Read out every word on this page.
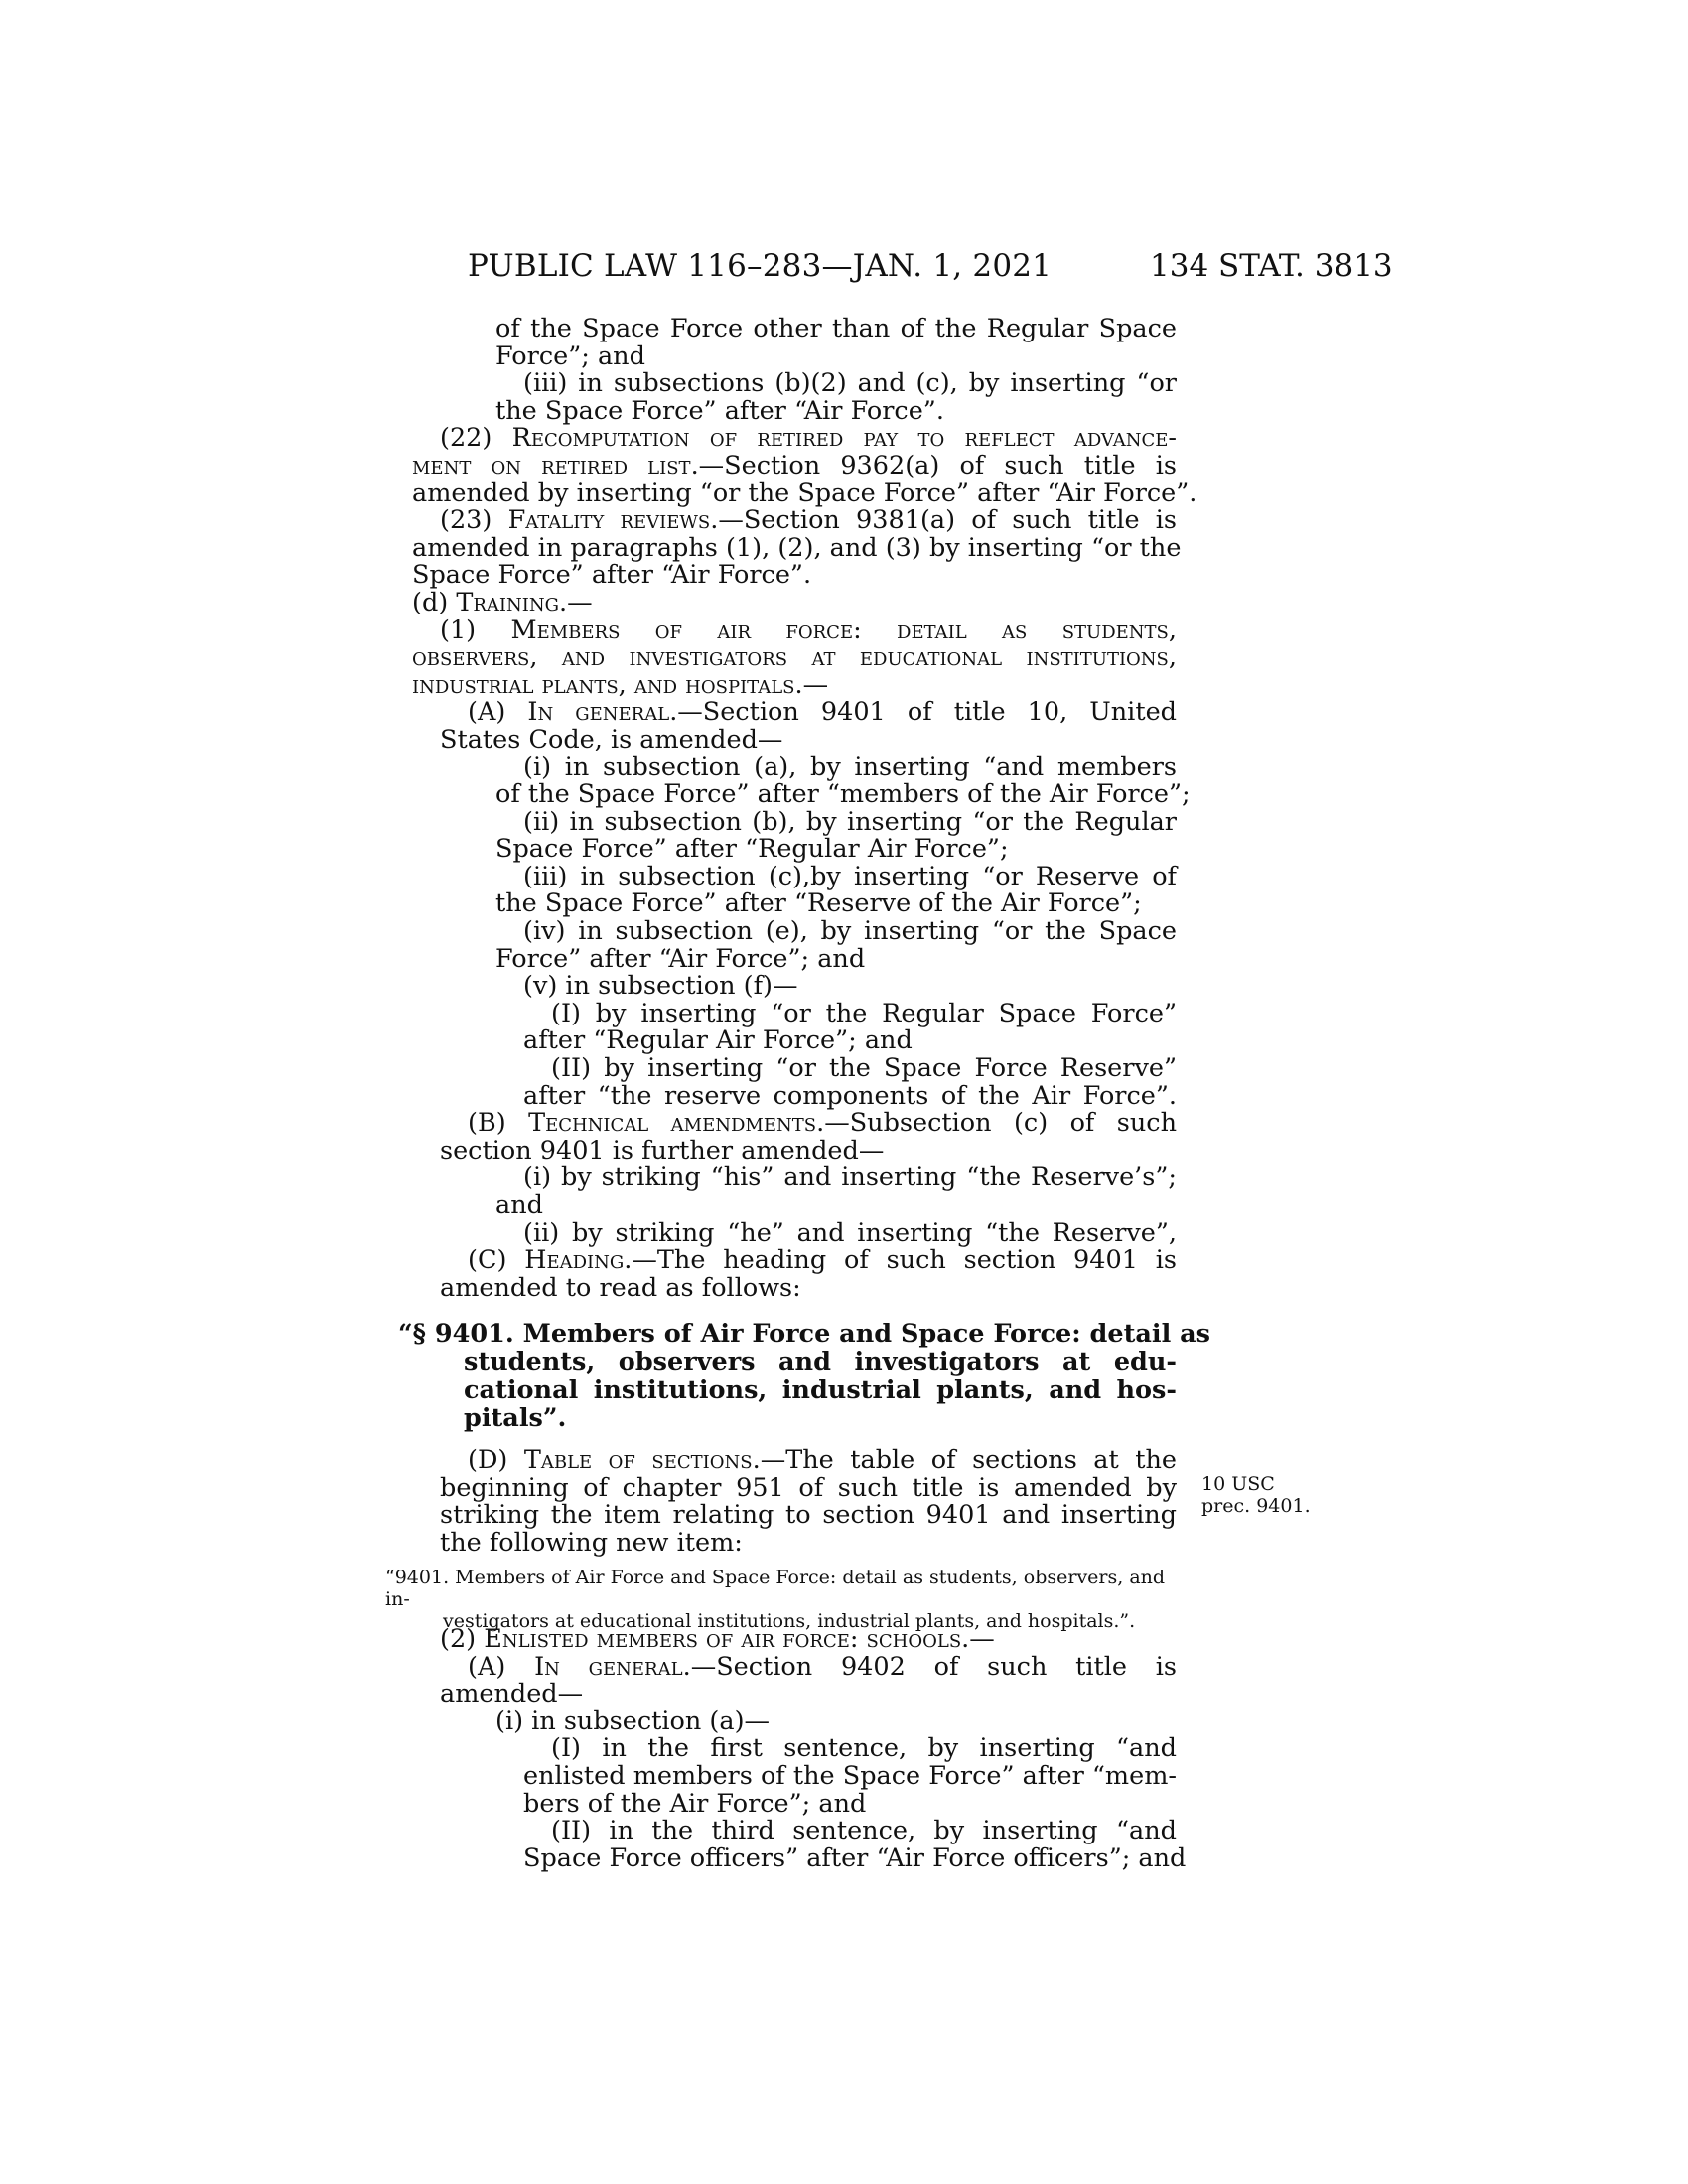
PUBLIC LAW 116–283—JAN. 1, 2021	134 STAT. 3813
of the Space Force other than of the Regular Space
Force”; and
(iii) in subsections (b)(2) and (c), by inserting “or
the Space Force” after “Air Force”.
(22) Recomputation of retired pay to reflect advance-
ment on retired list.—Section 9362(a) of such title is
amended by inserting “or the Space Force” after “Air Force”.
(23) Fatality reviews.—Section 9381(a) of such title is
amended in paragraphs (1), (2), and (3) by inserting “or the
Space Force” after “Air Force”.
(d) Training.—
(1) Members of air force: detail as students,
observers, and investigators at educational institutions,
industrial plants, and hospitals.—
(A) In general.—Section 9401 of title 10, United
States Code, is amended—
(i) in subsection (a), by inserting “and members
of the Space Force” after “members of the Air Force”;
(ii) in subsection (b), by inserting “or the Regular
Space Force” after “Regular Air Force”;
(iii) in subsection (c),by inserting “or Reserve of
the Space Force” after “Reserve of the Air Force”;
(iv) in subsection (e), by inserting “or the Space
Force” after “Air Force”; and
(v) in subsection (f)—
(I) by inserting “or the Regular Space Force”
after “Regular Air Force”; and
(II) by inserting “or the Space Force Reserve”
after “the reserve components of the Air Force”.
(B) Technical amendments.—Subsection (c) of such
section 9401 is further amended—
(i) by striking “his” and inserting “the Reserve’s”;
and
(ii) by striking “he” and inserting “the Reserve”,
(C) Heading.—The heading of such section 9401 is
amended to read as follows:
“§ 9401. Members of Air Force and Space Force: detail as
students, observers and investigators at edu-
cational institutions, industrial plants, and hos-
pitals”.
(D) Table of sections.—The table of sections at the
beginning of chapter 951 of such title is amended by
striking the item relating to section 9401 and inserting
the following new item:
10 USC
prec. 9401.
“9401. Members of Air Force and Space Force: detail as students, observers, and in-
vestigators at educational institutions, industrial plants, and hospitals.”.
(2) Enlisted members of air force: schools.—
(A) In general.—Section 9402 of such title is
amended—
(i) in subsection (a)—
(I) in the first sentence, by inserting “and
enlisted members of the Space Force” after “mem-
bers of the Air Force”; and
(II) in the third sentence, by inserting “and
Space Force officers” after “Air Force officers”; and
